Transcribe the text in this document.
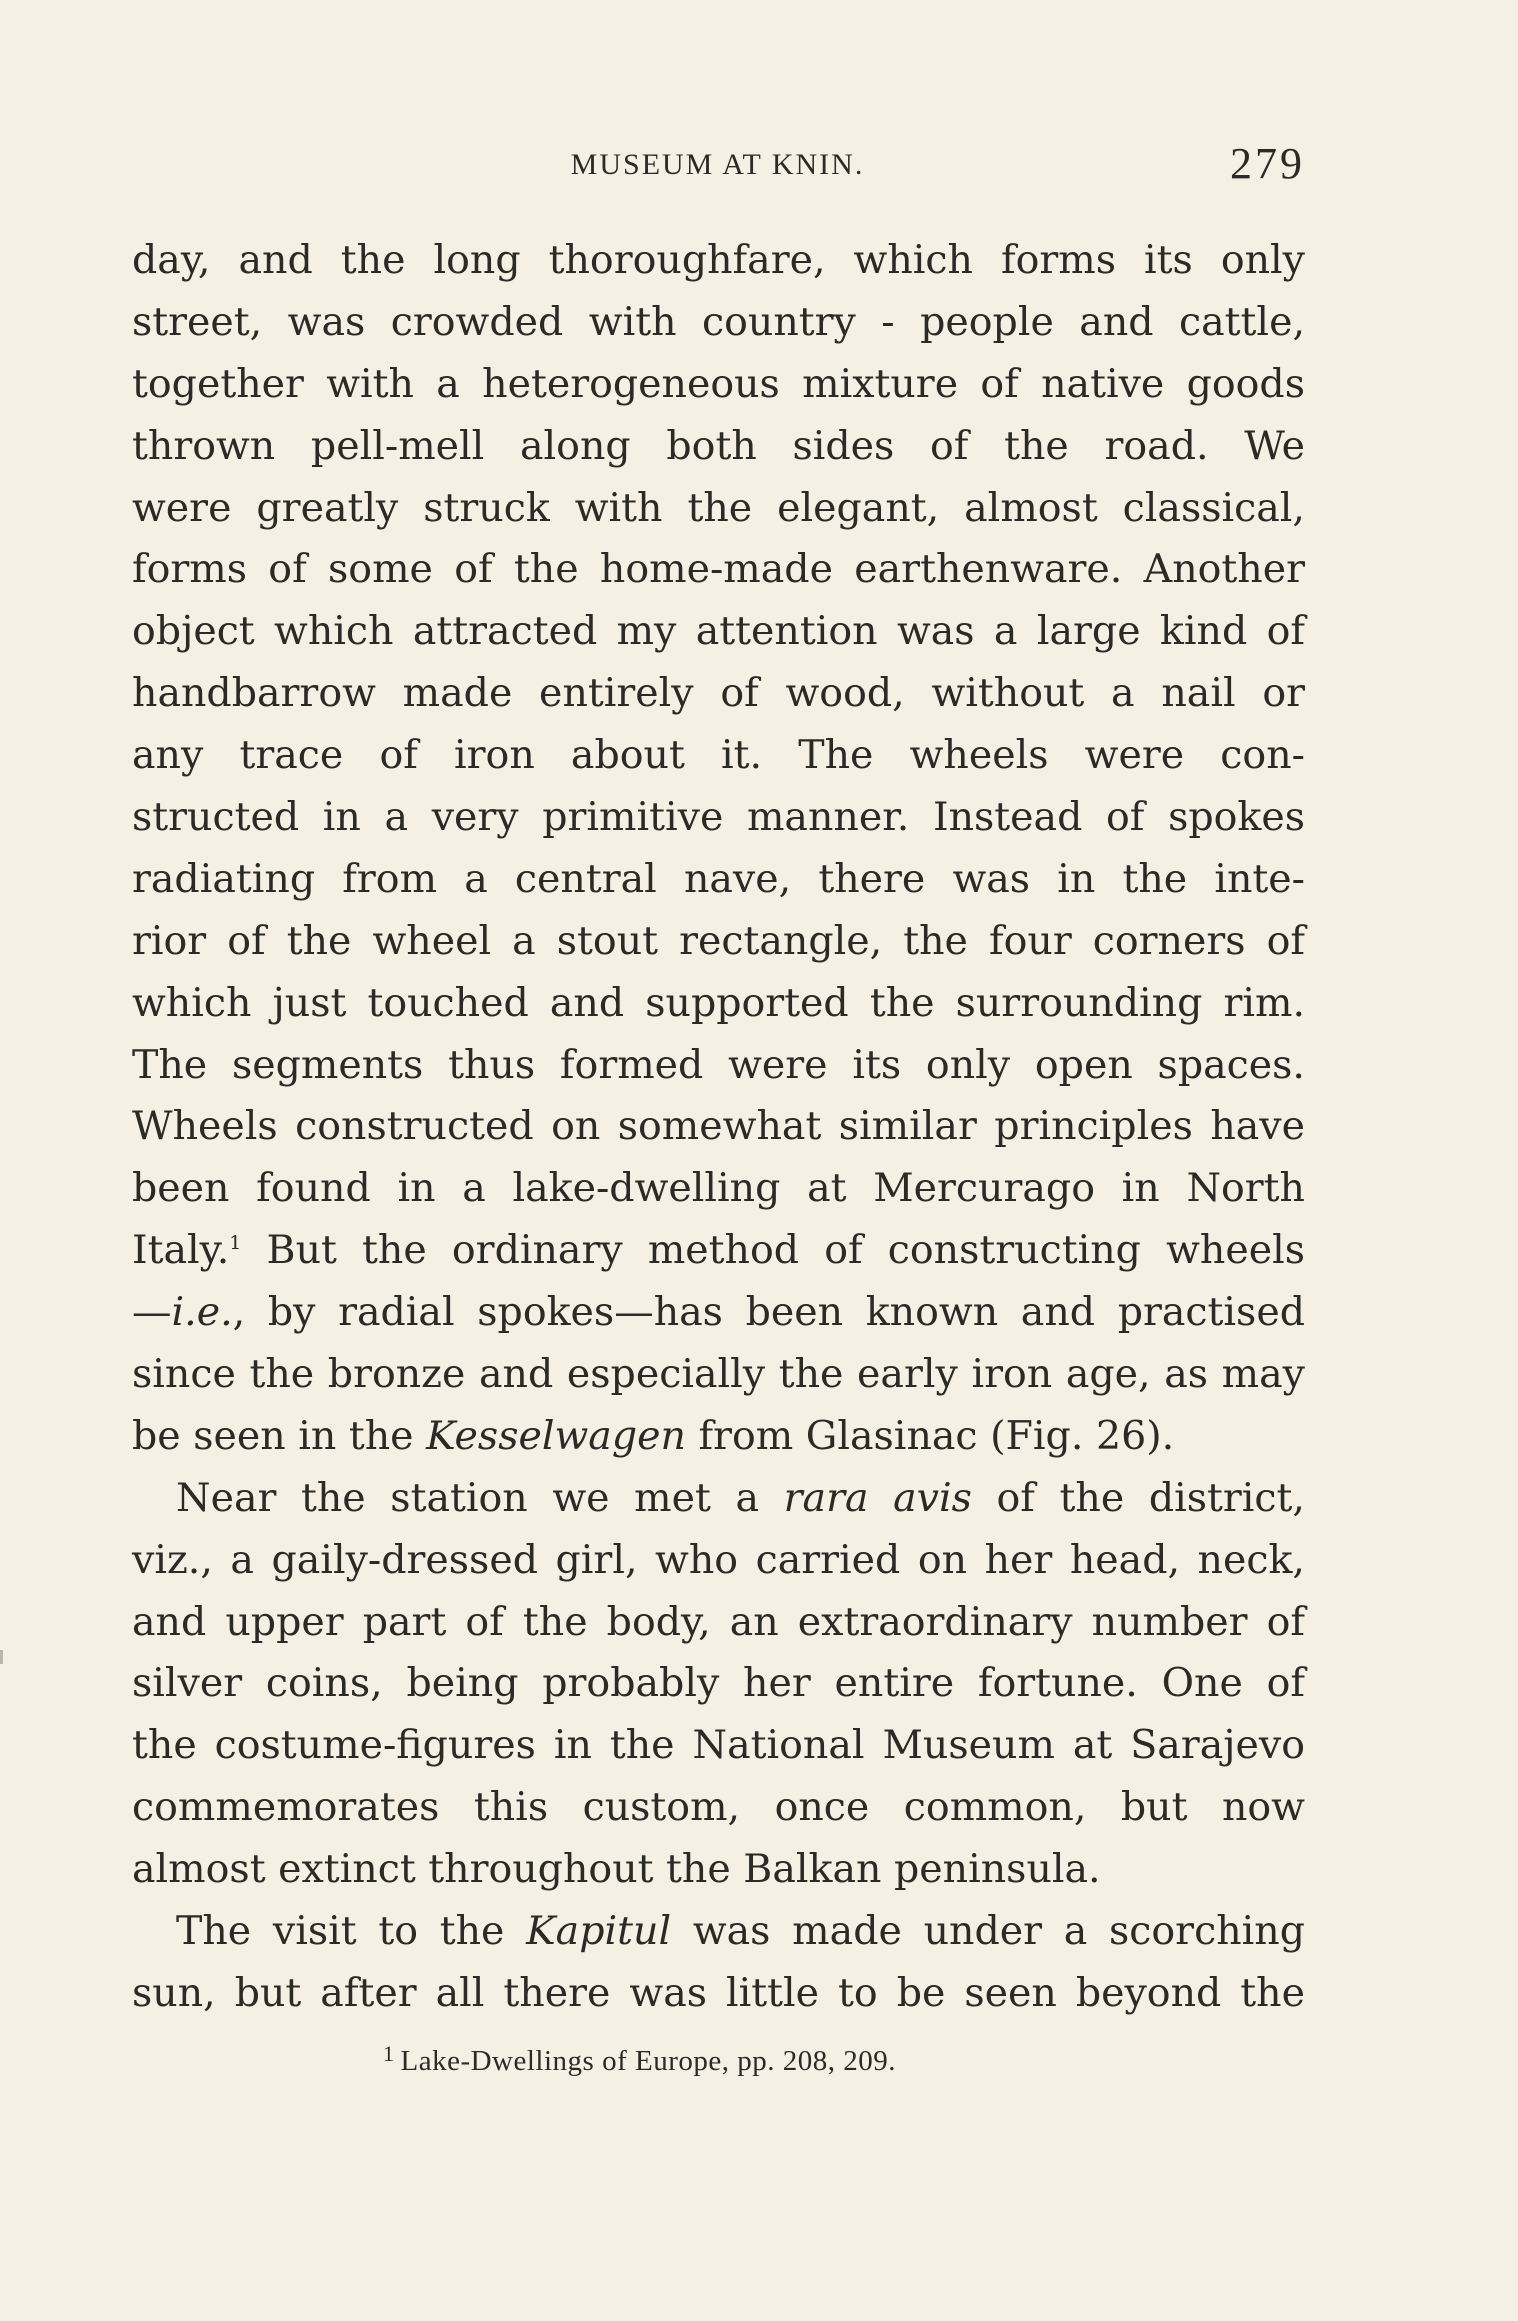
MUSEUM AT KNIN.	279
day, and the long thoroughfare, which forms its only
street, was crowded with country - people and cattle,
together with a heterogeneous mixture of native goods
thrown pell-mell along both sides of the road. We
were greatly struck with the elegant, almost classical,
forms of some of the home-made earthenware. Another
object which attracted my attention was a large kind of
handbarrow made entirely of wood, without a nail or
any trace of iron about it. The wheels were con-
structed in a very primitive manner. Instead of spokes
radiating from a central nave, there was in the inte-
rior of the wheel a stout rectangle, the four corners of
which just touched and supported the surrounding rim.
The segments thus formed were its only open spaces.
Wheels constructed on somewhat similar principles have
been found in a lake-dwelling at Mercurago in North
Italy.$^1$ But the ordinary method of constructing wheels
—i.e., by radial spokes—has been known and practised
since the bronze and especially the early iron age, as may
be seen in the Kesselwagen from Glasinac (Fig. 26).
Near the station we met a rara avis of the district,
viz., a gaily-dressed girl, who carried on her head, neck,
and upper part of the body, an extraordinary number of
silver coins, being probably her entire fortune. One of
the costume-figures in the National Museum at Sarajevo
commemorates this custom, once common, but now
almost extinct throughout the Balkan peninsula.
The visit to the Kapitul was made under a scorching
sun, but after all there was little to be seen beyond the
$^1$ Lake-Dwellings of Europe, pp. 208, 209.
